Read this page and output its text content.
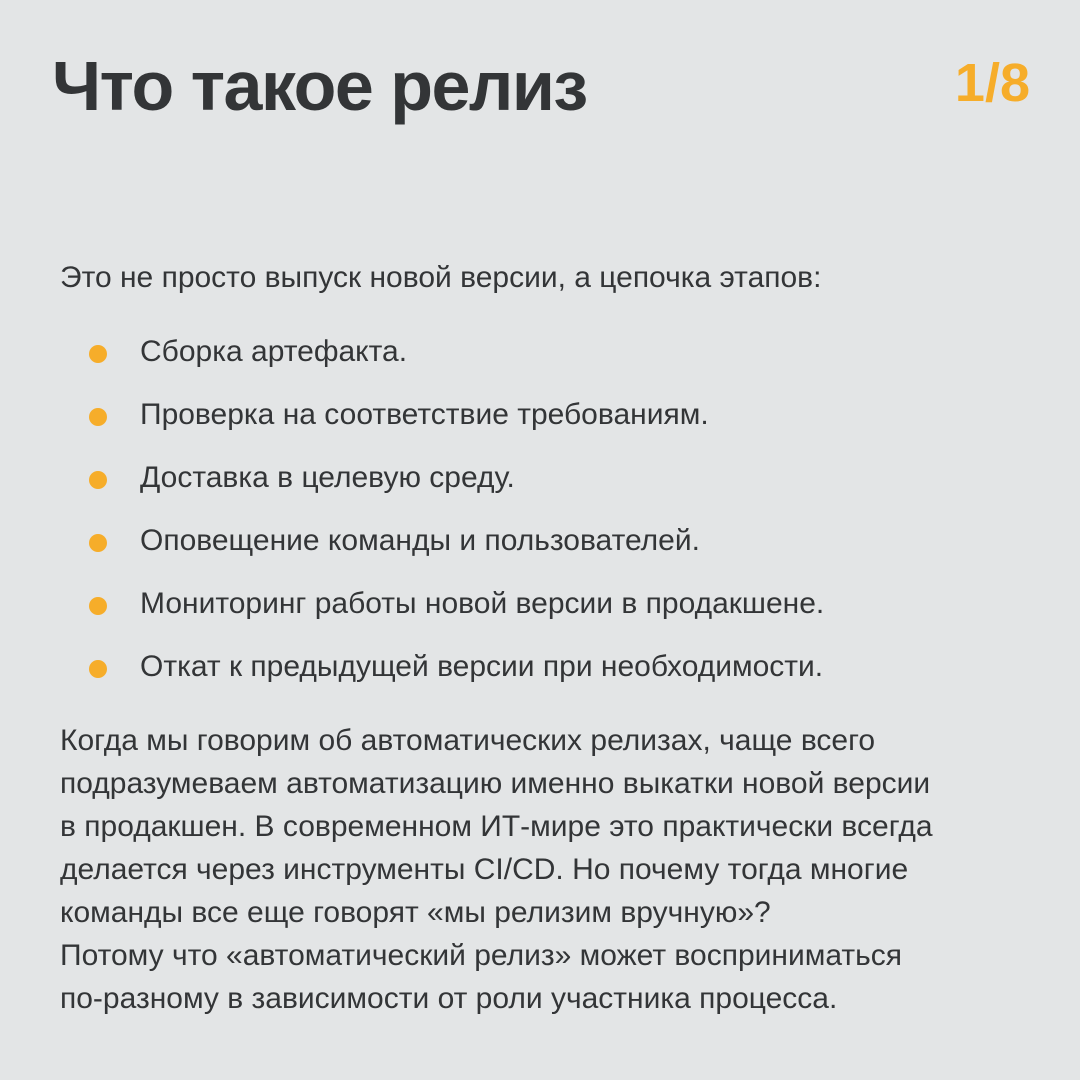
Что такое релиз	1/8

Это не просто выпуск новой версии, а цепочка этапов:

Сборка артефакта.
Проверка на соответствие требованиям.
Доставка в целевую среду.
Оповещение команды и пользователей.
Мониторинг работы новой версии в продакшене.
Откат к предыдущей версии при необходимости.

Когда мы говорим об автоматических релизах, чаще всего
подразумеваем автоматизацию именно выкатки новой версии
в продакшен. В современном ИТ-мире это практически всегда
делается через инструменты CI/CD. Но почему тогда многие
команды все еще говорят «мы релизим вручную»?
Потому что «автоматический релиз» может восприниматься
по-разному в зависимости от роли участника процесса.
